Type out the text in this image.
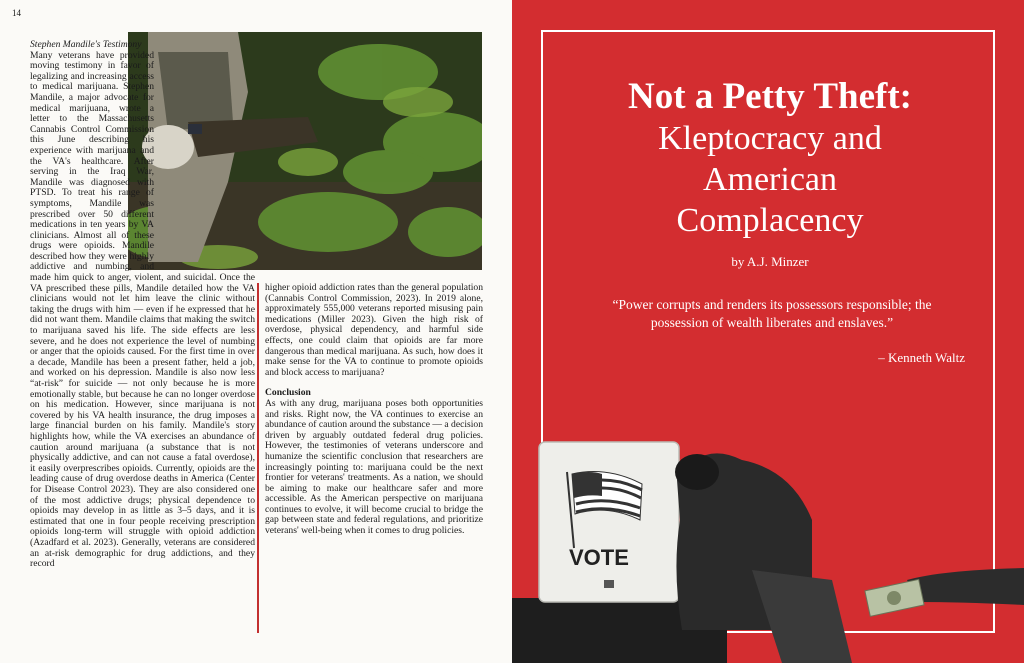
14
Stephen Mandile's Testimony
Many veterans have provided moving testimony in favor of legalizing and increasing access to medical marijuana. Stephen Mandile, a major advocate for medical marijuana, wrote a letter to the Massachusetts Cannabis Control Commission this June describing his experience with marijuana and the VA's healthcare. After serving in the Iraq War, Mandile was diagnosed with PTSD. To treat his range of symptoms, Mandile was prescribed over 50 different medications in ten years by VA clinicians. Almost all of these drugs were opioids. Mandile described how they were highly addictive and numbing, and made him quick to anger, violent, and suicidal. Once the VA prescribed these pills, Mandile detailed how the VA clinicians would not let him leave the clinic without taking the drugs with him — even if he expressed that he did not want them. Mandile claims that making the switch to marijuana saved his life. The side effects are less severe, and he does not experience the level of numbing or anger that the opioids caused. For the first time in over a decade, Mandile has been a present father, held a job, and worked on his depression. Mandile is also now less “at-risk” for suicide — not only because he is more emotionally stable, but because he can no longer overdose on his medication. However, since marijuana is not covered by his VA health insurance, the drug imposes a large financial burden on his family. Mandile's story highlights how, while the VA exercises an abundance of caution around marijuana (a substance that is not physically addictive, and can not cause a fatal overdose), it easily overprescribes opioids. Currently, opioids are the leading cause of drug overdose deaths in America (Center for Disease Control 2023). They are also considered one of the most addictive drugs; physical dependence to opioids may develop in as little as 3–5 days, and it is estimated that one in four people receiving prescription opioids long-term will struggle with opioid addiction (Azadfard et al. 2023). Generally, veterans are considered an at-risk demographic for drug addictions, and they record
higher opioid addiction rates than the general population (Cannabis Control Commission, 2023). In 2019 alone, approximately 555,000 veterans reported misusing pain medications (Miller 2023). Given the high risk of overdose, physical dependency, and harmful side effects, one could claim that opioids are far more dangerous than medical marijuana. As such, how does it make sense for the VA to continue to promote opioids and block access to marijuana?
Conclusion
As with any drug, marijuana poses both opportunities and risks. Right now, the VA continues to exercise an abundance of caution around the substance — a decision driven by arguably outdated federal drug policies. However, the testimonies of veterans underscore and humanize the scientific conclusion that researchers are increasingly pointing to: marijuana could be the next frontier for veterans' treatments. As a nation, we should be aiming to make our healthcare safer and more accessible. As the American perspective on marijuana continues to evolve, it will become crucial to bridge the gap between state and federal regulations, and prioritize veterans' well-being when it comes to drug policies.
Not a Petty Theft:
Kleptocracy and
American
Complacency
by A.J. Minzer
“Power corrupts and renders its possessors responsible; the possession of wealth liberates and enslaves.”
– Kenneth Waltz
VOTE
